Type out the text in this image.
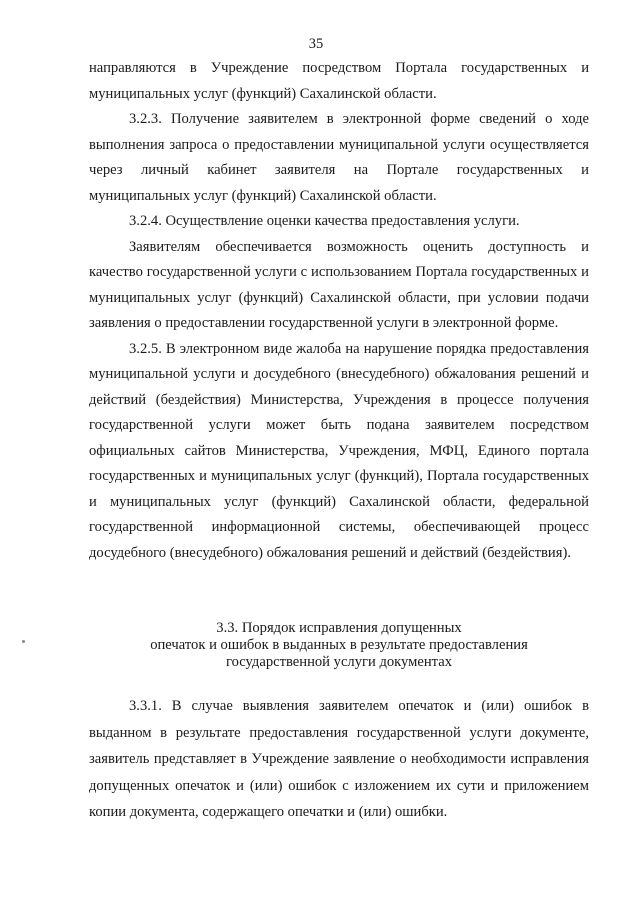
35

направляются в Учреждение посредством Портала государственных и муниципальных услуг (функций) Сахалинской области.

3.2.3. Получение заявителем в электронной форме сведений о ходе выполнения запроса о предоставлении муниципальной услуги осуществляется через личный кабинет заявителя на Портале государственных и муниципальных услуг (функций) Сахалинской области.

3.2.4. Осуществление оценки качества предоставления услуги.

Заявителям обеспечивается возможность оценить доступность и качество государственной услуги с использованием Портала государственных и муниципальных услуг (функций) Сахалинской области, при условии подачи заявления о предоставлении государственной услуги в электронной форме.

3.2.5. В электронном виде жалоба на нарушение порядка предоставления муниципальной услуги и досудебного (внесудебного) обжалования решений и действий (бездействия) Министерства, Учреждения в процессе получения государственной услуги может быть подана заявителем посредством официальных сайтов Министерства, Учреждения, МФЦ, Единого портала государственных и муниципальных услуг (функций), Портала государственных и муниципальных услуг (функций) Сахалинской области, федеральной государственной информационной системы, обеспечивающей процесс досудебного (внесудебного) обжалования решений и действий (бездействия).

3.3. Порядок исправления допущенных
опечаток и ошибок в выданных в результате предоставления
государственной услуги документах

3.3.1. В случае выявления заявителем опечаток и (или) ошибок в выданном в результате предоставления государственной услуги документе, заявитель представляет в Учреждение заявление о необходимости исправления допущенных опечаток и (или) ошибок с изложением их сути и приложением копии документа, содержащего опечатки и (или) ошибки.
